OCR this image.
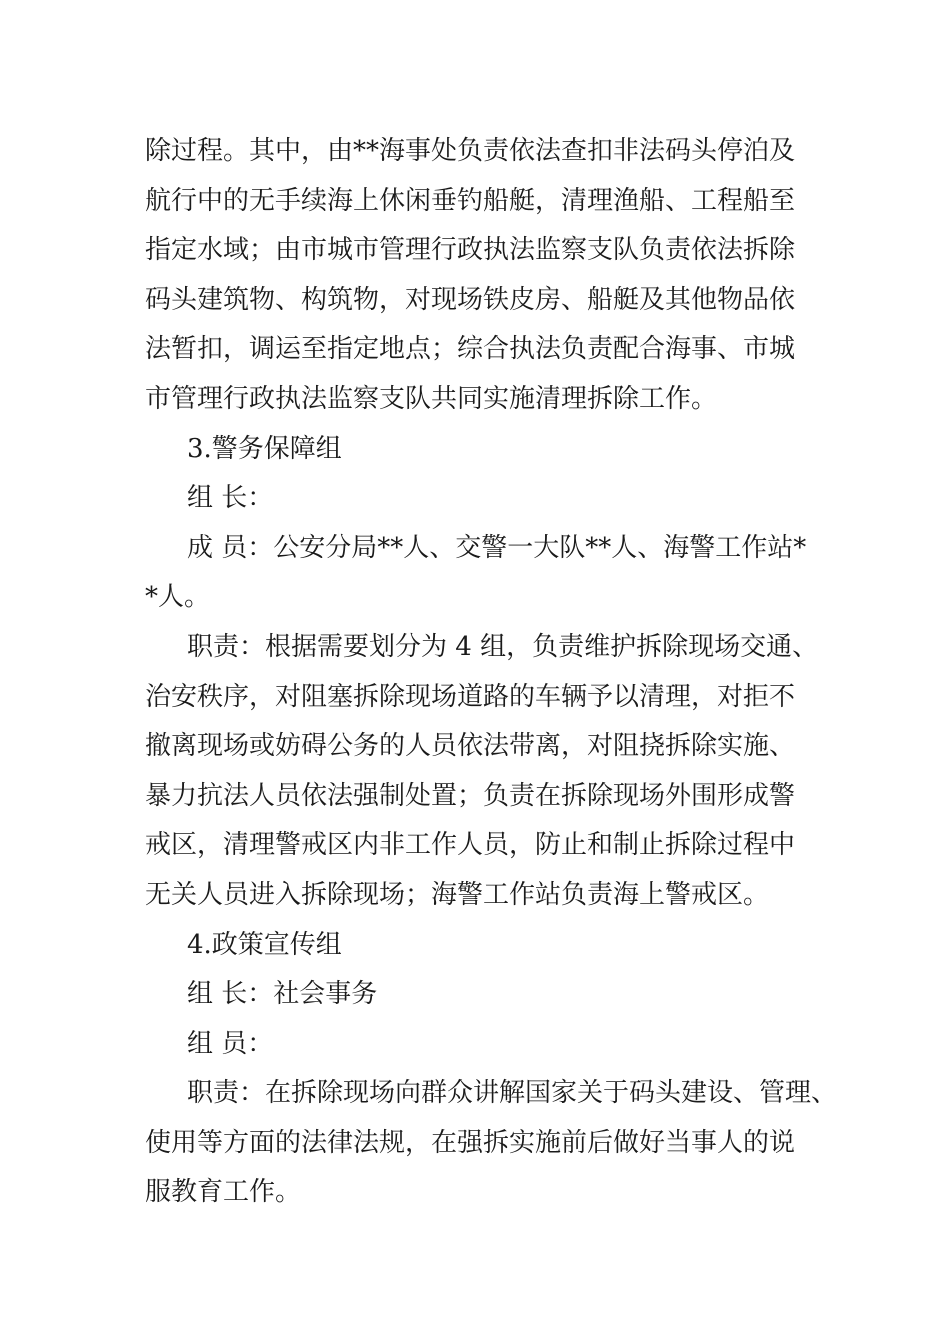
除过程。其中，由**海事处负责依法查扣非法码头停泊及
航行中的无手续海上休闲垂钓船艇，清理渔船、工程船至
指定水域；由市城市管理行政执法监察支队负责依法拆除
码头建筑物、构筑物，对现场铁皮房、船艇及其他物品依
法暂扣，调运至指定地点；综合执法负责配合海事、市城
市管理行政执法监察支队共同实施清理拆除工作。
3.警务保障组
组 长：
成 员：公安分局**人、交警一大队**人、海警工作站*
*人。
职责：根据需要划分为 4 组，负责维护拆除现场交通、
治安秩序，对阻塞拆除现场道路的车辆予以清理，对拒不
撤离现场或妨碍公务的人员依法带离，对阻挠拆除实施、
暴力抗法人员依法强制处置；负责在拆除现场外围形成警
戒区，清理警戒区内非工作人员，防止和制止拆除过程中
无关人员进入拆除现场；海警工作站负责海上警戒区。
4.政策宣传组
组 长：社会事务
组 员：
职责：在拆除现场向群众讲解国家关于码头建设、管理、
使用等方面的法律法规，在强拆实施前后做好当事人的说
服教育工作。
